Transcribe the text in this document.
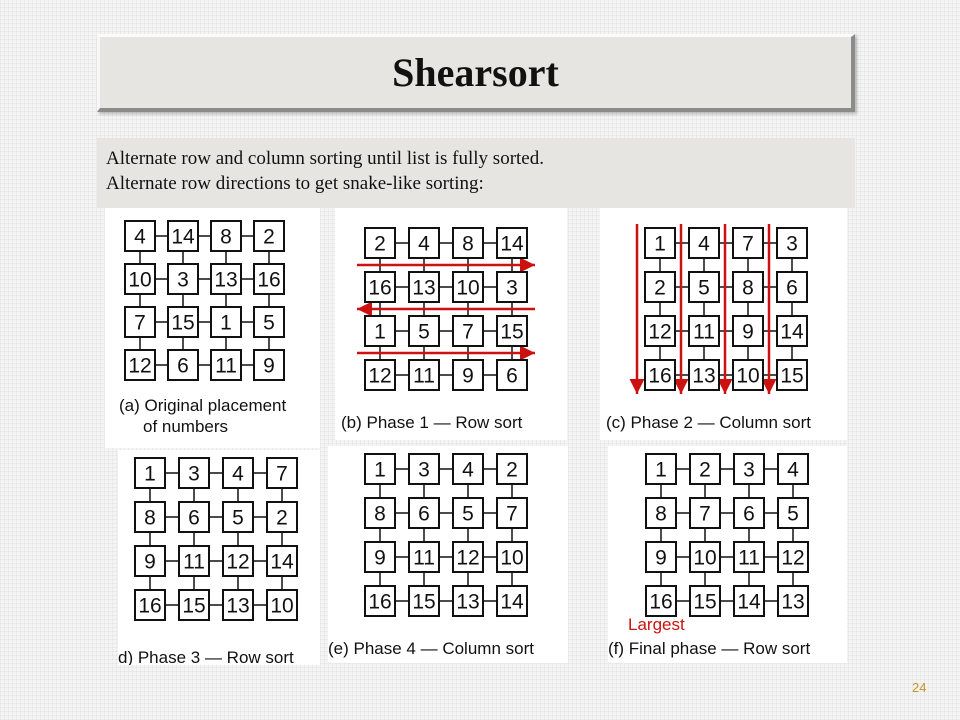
Shearsort
Alternate row and column sorting until list is fully sorted.
Alternate row directions to get snake-like sorting:
4 14 8 2
10 3 13 16
7 15 1 5
12 6 11 9
(a) Original placement
of numbers
2 4 8 14
16 13 10 3
1 5 7 15
12 11 9 6
(b) Phase 1 — Row sort
1 4 7 3
2 5 8 6
12 11 9 14
16 13 10 15
(c) Phase 2 — Column sort
1 3 4 7
8 6 5 2
9 11 12 14
16 15 13 10
d) Phase 3 — Row sort
1 3 4 2
8 6 5 7
9 11 12 10
16 15 13 14
(e) Phase 4 — Column sort
1 2 3 4
8 7 6 5
9 10 11 12
16 15 14 13
(f) Final phase — Row sort
Largest
24
